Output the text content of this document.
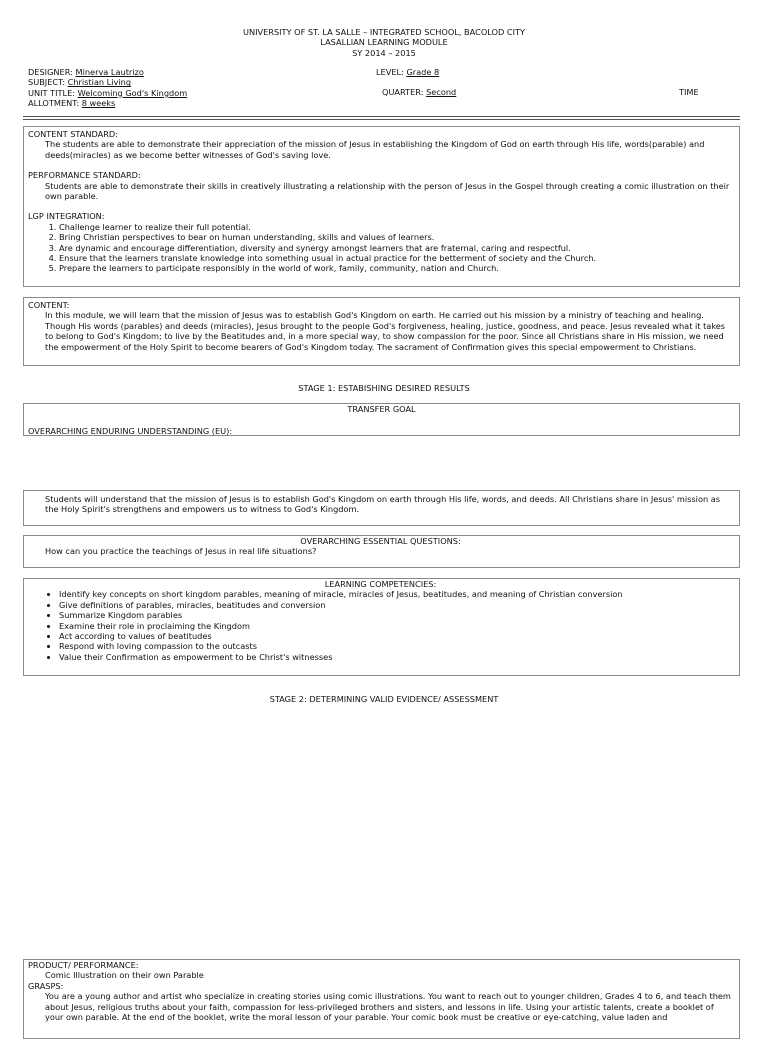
UNIVERSITY OF ST. LA SALLE – INTEGRATED SCHOOL, BACOLOD CITY

LASALLIAN LEARNING MODULE

SY 2014 – 2015

DESIGNER: Minerva Lautrizo

SUBJECT: Christian Living

UNIT TITLE: Welcoming God's Kingdom

ALLOTMENT: 8 weeks

LEVEL: Grade 8
QUARTER: Second	TIME

CONTENT STANDARD:

The students are able to demonstrate their appreciation of the mission of Jesus in establishing the Kingdom of God on earth through His life, words(parable) and deeds(miracles) as we become better witnesses of God's saving love.

PERFORMANCE STANDARD:

Students are able to demonstrate their skills in creatively illustrating a relationship with the person of Jesus in the Gospel through creating a comic illustration on their own parable.

LGP INTEGRATION:

1. Challenge learner to realize their full potential.
2. Bring Christian perspectives to bear on human understanding, skills and values of learners.
3. Are dynamic and encourage differentiation, diversity and synergy amongst learners that are fraternal, caring and respectful.
4. Ensure that the learners translate knowledge into something usual in actual practice for the betterment of society and the Church.
5. Prepare the learners to participate responsibly in the world of work, family, community, nation and Church.

CONTENT:

In this module, we will learn that the mission of Jesus was to establish God's Kingdom on earth. He carried out his mission by a ministry of teaching and healing. Though His words (parables) and deeds (miracles), Jesus brought to the people God's forgiveness, healing, justice, goodness, and peace. Jesus revealed what it takes to belong to God's Kingdom; to live by the Beatitudes and, in a more special way, to show compassion for the poor. Since all Christians share in His mission, we need the empowerment of the Holy Spirit to become bearers of God's Kingdom today. The sacrament of Confirmation gives this special empowerment to Christians.

STAGE 1: ESTABISHING DESIRED RESULTS
TRANSFER GOAL
OVERARCHING ENDURING UNDERSTANDING (EU):

Students will understand that the mission of Jesus is to establish God's Kingdom on earth through His life, words, and deeds. All Christians share in Jesus' mission as the Holy Spirit's strengthens and empowers us to witness to God's Kingdom.

OVERARCHING ESSENTIAL QUESTIONS:

How can you practice the teachings of Jesus in real life situations?

LEARNING COMPETENCIES:

• Identify key concepts on short kingdom parables, meaning of miracle, miracles of Jesus, beatitudes, and meaning of Christian conversion
• Give definitions of parables, miracles, beatitudes and conversion
• Summarize Kingdom parables
• Examine their role in proclaiming the Kingdom
• Act according to values of beatitudes
• Respond with loving compassion to the outcasts
• Value their Confirmation as empowerment to be Christ's witnesses
STAGE 2: DETERMINING VALID EVIDENCE/ ASSESSMENT

PRODUCT/ PERFORMANCE:

Comic Illustration on their own Parable

GRASPS:

You are a young author and artist who specialize in creating stories using comic illustrations. You want to reach out to younger children, Grades 4 to 6, and teach them about Jesus, religious truths about your faith, compassion for less-privileged brothers and sisters, and lessons in life. Using your artistic talents, create a booklet of your own parable. At the end of the booklet, write the moral lesson of your parable. Your comic book must be creative or eye-catching, value laden and
